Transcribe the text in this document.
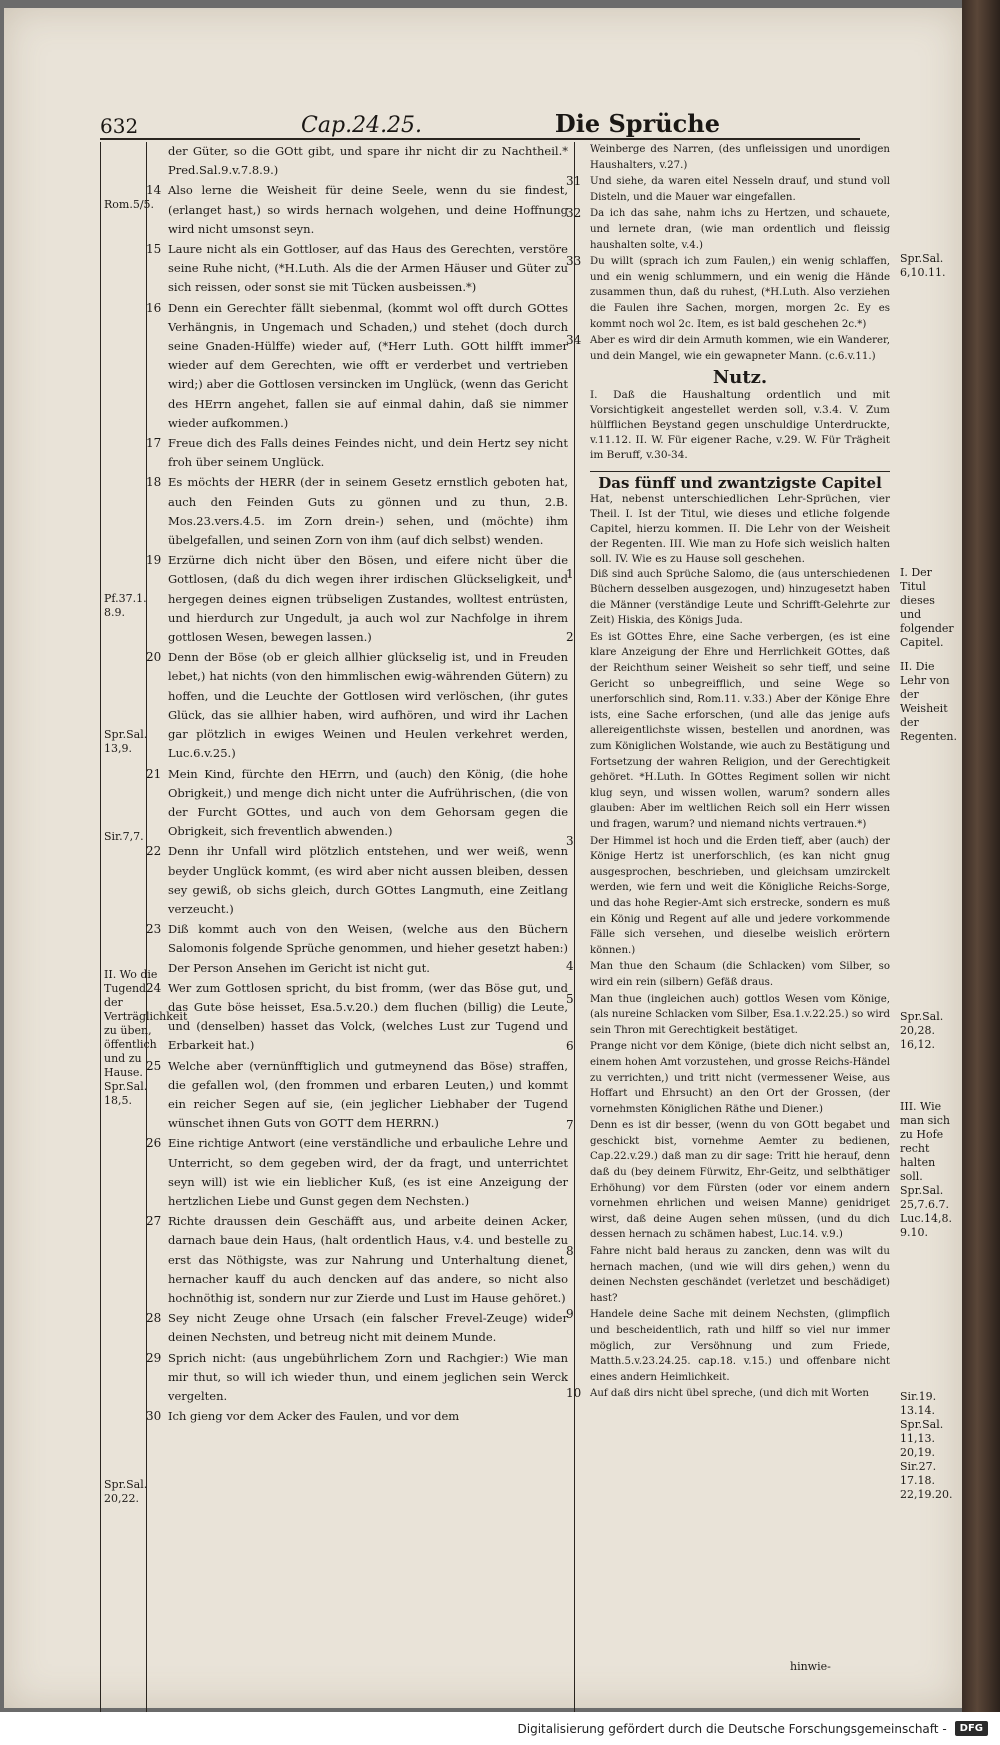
632	Cap.24.25.	Die Sprüche
Rom.5/5.
Pf.37.1. 8.9.
Spr.Sal. 13,9.
Sir.7,7.
II. Wo die Tugend der Verträglichkeit zu üben, öffentlich und zu Hause. Spr.Sal. 18,5.
Spr.Sal. 20,22.
Spr.Sal. 6,10.11.
I. Der Titul dieses und folgender Capitel.
II. Die Lehr von der Weisheit der Regenten.
Spr.Sal. 20,28. 16,12.
III. Wie man sich zu Hofe recht halten soll. Spr.Sal. 25,7.6.7. Luc.14,8. 9.10.
Sir.19. 13.14. Spr.Sal. 11,13. 20,19. Sir.27. 17.18. 22,19.20.
der Güter, so die GOtt gibt, und spare ihr nicht dir zu Nachtheil.* Pred.Sal.9.v.7.8.9.)
14 Also lerne die Weisheit für deine Seele, wenn du sie findest, (erlanget hast,) so wirds hernach wolgehen, und deine Hoffnung wird nicht umsonst seyn.
15 Laure nicht als ein Gottloser, auf das Haus des Gerechten, verstöre seine Ruhe nicht, (*H.Luth. Als die der Armen Häuser und Güter zu sich reissen, oder sonst sie mit Tücken ausbeissen.*)
16 Denn ein Gerechter fällt siebenmal, (kommt wol offt durch GOttes Verhängnis, in Ungemach und Schaden,) und stehet (doch durch seine Gnaden-Hülffe) wieder auf, (*Herr Luth. GOtt hilfft immer wieder auf dem Gerechten, wie offt er verderbet und vertrieben wird;) aber die Gottlosen versincken im Unglück, (wenn das Gericht des HErrn angehet, fallen sie auf einmal dahin, daß sie nimmer wieder aufkommen.)
17 Freue dich des Falls deines Feindes nicht, und dein Hertz sey nicht froh über seinem Unglück.
18 Es möchts der HERR (der in seinem Gesetz ernstlich geboten hat, auch den Feinden Guts zu gönnen und zu thun, 2.B. Mos.23.vers.4.5. im Zorn drein-) sehen, und (möchte) ihm übelgefallen, und seinen Zorn von ihm (auf dich selbst) wenden.
19 Erzürne dich nicht über den Bösen, und eifere nicht über die Gottlosen, (daß du dich wegen ihrer irdischen Glückseligkeit, und hergegen deines eignen trübseligen Zustandes, wolltest entrüsten, und hierdurch zur Ungedult, ja auch wol zur Nachfolge in ihrem gottlosen Wesen, bewegen lassen.)
20 Denn der Böse (ob er gleich allhier glückselig ist, und in Freuden lebet,) hat nichts (von den himmlischen ewig-währenden Gütern) zu hoffen, und die Leuchte der Gottlosen wird verlöschen, (ihr gutes Glück, das sie allhier haben, wird aufhören, und wird ihr Lachen gar plötzlich in ewiges Weinen und Heulen verkehret werden, Luc.6.v.25.)
21 Mein Kind, fürchte den HErrn, und (auch) den König, (die hohe Obrigkeit,) und menge dich nicht unter die Aufrührischen, (die von der Furcht GOttes, und auch von dem Gehorsam gegen die Obrigkeit, sich freventlich abwenden.)
22 Denn ihr Unfall wird plötzlich entstehen, und wer weiß, wenn beyder Unglück kommt, (es wird aber nicht aussen bleiben, dessen sey gewiß, ob sichs gleich, durch GOttes Langmuth, eine Zeitlang verzeucht.)
23 Diß kommt auch von den Weisen, (welche aus den Büchern Salomonis folgende Sprüche genommen, und hieher gesetzt haben:) Der Person Ansehen im Gericht ist nicht gut.
24 Wer zum Gottlosen spricht, du bist fromm, (wer das Böse gut, und das Gute böse heisset, Esa.5.v.20.) dem fluchen (billig) die Leute, und (denselben) hasset das Volck, (welches Lust zur Tugend und Erbarkeit hat.)
25 Welche aber (vernünfftiglich und gutmeynend das Böse) straffen, die gefallen wol, (den frommen und erbaren Leuten,) und kommt ein reicher Segen auf sie, (ein jeglicher Liebhaber der Tugend wünschet ihnen Guts von GOTT dem HERRN.)
26 Eine richtige Antwort (eine verständliche und erbauliche Lehre und Unterricht, so dem gegeben wird, der da fragt, und unterrichtet seyn will) ist wie ein lieblicher Kuß, (es ist eine Anzeigung der hertzlichen Liebe und Gunst gegen dem Nechsten.)
27 Richte draussen dein Geschäfft aus, und arbeite deinen Acker, darnach baue dein Haus, (halt ordentlich Haus, v.4. und bestelle zu erst das Nöthigste, was zur Nahrung und Unterhaltung dienet, hernacher kauff du auch dencken auf das andere, so nicht also hochnöthig ist, sondern nur zur Zierde und Lust im Hause gehöret.)
28 Sey nicht Zeuge ohne Ursach (ein falscher Frevel-Zeuge) wider deinen Nechsten, und betreug nicht mit deinem Munde.
29 Sprich nicht: (aus ungebührlichem Zorn und Rachgier:) Wie man mir thut, so will ich wieder thun, und einem jeglichen sein Werck vergelten.
30 Ich gieng vor dem Acker des Faulen, und vor dem
Weinberge des Narren, (des unfleissigen und unordigen Haushalters, v.27.)
31 Und siehe, da waren eitel Nesseln drauf, und stund voll Disteln, und die Mauer war eingefallen.
32 Da ich das sahe, nahm ichs zu Hertzen, und schauete, und lernete dran, (wie man ordentlich und fleissig haushalten solte, v.4.)
33 Du willt (sprach ich zum Faulen,) ein wenig schlaffen, und ein wenig schlummern, und ein wenig die Hände zusammen thun, daß du ruhest, (*H.Luth. Also verziehen die Faulen ihre Sachen, morgen, morgen 2c. Ey es kommt noch wol 2c. Item, es ist bald geschehen 2c.*)
34 Aber es wird dir dein Armuth kommen, wie ein Wanderer, und dein Mangel, wie ein gewapneter Mann. (c.6.v.11.)
Nutz.
I. Daß die Haushaltung ordentlich und mit Vorsichtigkeit angestellet werden soll, v.3.4. V. Zum hülfflichen Beystand gegen unschuldige Unterdruckte, v.11.12. II. W. Für eigener Rache, v.29. W. Für Trägheit im Beruff, v.30-34.
Das fünff und zwantzigste Capitel
Hat, nebenst unterschiedlichen Lehr-Sprüchen, vier Theil. I. Ist der Titul, wie dieses und etliche folgende Capitel, hierzu kommen. II. Die Lehr von der Weisheit der Regenten. III. Wie man zu Hofe sich weislich halten soll. IV. Wie es zu Hause soll geschehen.
1 Diß sind auch Sprüche Salomo, die (aus unterschiedenen Büchern desselben ausgezogen, und) hinzugesetzt haben die Männer (verständige Leute und Schrifft-Gelehrte zur Zeit) Hiskia, des Königs Juda.
2 Es ist GOttes Ehre, eine Sache verbergen, (es ist eine klare Anzeigung der Ehre und Herrlichkeit GOttes, daß der Reichthum seiner Weisheit so sehr tieff, und seine Gericht so unbegreifflich, und seine Wege so unerforschlich sind, Rom.11. v.33.) Aber der Könige Ehre ists, eine Sache erforschen, (und alle das jenige aufs allereigentlichste wissen, bestellen und anordnen, was zum Königlichen Wolstande, wie auch zu Bestätigung und Fortsetzung der wahren Religion, und der Gerechtigkeit gehöret. *H.Luth. In GOttes Regiment sollen wir nicht klug seyn, und wissen wollen, warum? sondern alles glauben: Aber im weltlichen Reich soll ein Herr wissen und fragen, warum? und niemand nichts vertrauen.*)
3 Der Himmel ist hoch und die Erden tieff, aber (auch) der Könige Hertz ist unerforschlich, (es kan nicht gnug ausgesprochen, beschrieben, und gleichsam umzirckelt werden, wie fern und weit die Königliche Reichs-Sorge, und das hohe Regier-Amt sich erstrecke, sondern es muß ein König und Regent auf alle und jedere vorkommende Fälle sich versehen, und dieselbe weislich erörtern können.)
4 Man thue den Schaum (die Schlacken) vom Silber, so wird ein rein (silbern) Gefäß draus.
5 Man thue (ingleichen auch) gottlos Wesen vom Könige, (als nureine Schlacken vom Silber, Esa.1.v.22.25.) so wird sein Thron mit Gerechtigkeit bestätiget.
6 Prange nicht vor dem Könige, (biete dich nicht selbst an, einem hohen Amt vorzustehen, und grosse Reichs-Händel zu verrichten,) und tritt nicht (vermessener Weise, aus Hoffart und Ehrsucht) an den Ort der Grossen, (der vornehmsten Königlichen Räthe und Diener.)
7 Denn es ist dir besser, (wenn du von GOtt begabet und geschickt bist, vornehme Aemter zu bedienen, Cap.22.v.29.) daß man zu dir sage: Tritt hie herauf, denn daß du (bey deinem Fürwitz, Ehr-Geitz, und selbthätiger Erhöhung) vor dem Fürsten (oder vor einem andern vornehmen ehrlichen und weisen Manne) genidriget wirst, daß deine Augen sehen müssen, (und du dich dessen hernach zu schämen habest, Luc.14. v.9.)
8 Fahre nicht bald heraus zu zancken, denn was wilt du hernach machen, (und wie will dirs gehen,) wenn du deinen Nechsten geschändet (verletzet und beschädiget) hast?
9 Handele deine Sache mit deinem Nechsten, (glimpflich und bescheidentlich, rath und hilff so viel nur immer möglich, zur Versöhnung und zum Friede, Matth.5.v.23.24.25. cap.18. v.15.) und offenbare nicht eines andern Heimlichkeit.
10 Auf daß dirs nicht übel spreche, (und dich mit Worten
hinwie-
Digitalisierung gefördert durch die Deutsche Forschungsgemeinschaft -	DFG
